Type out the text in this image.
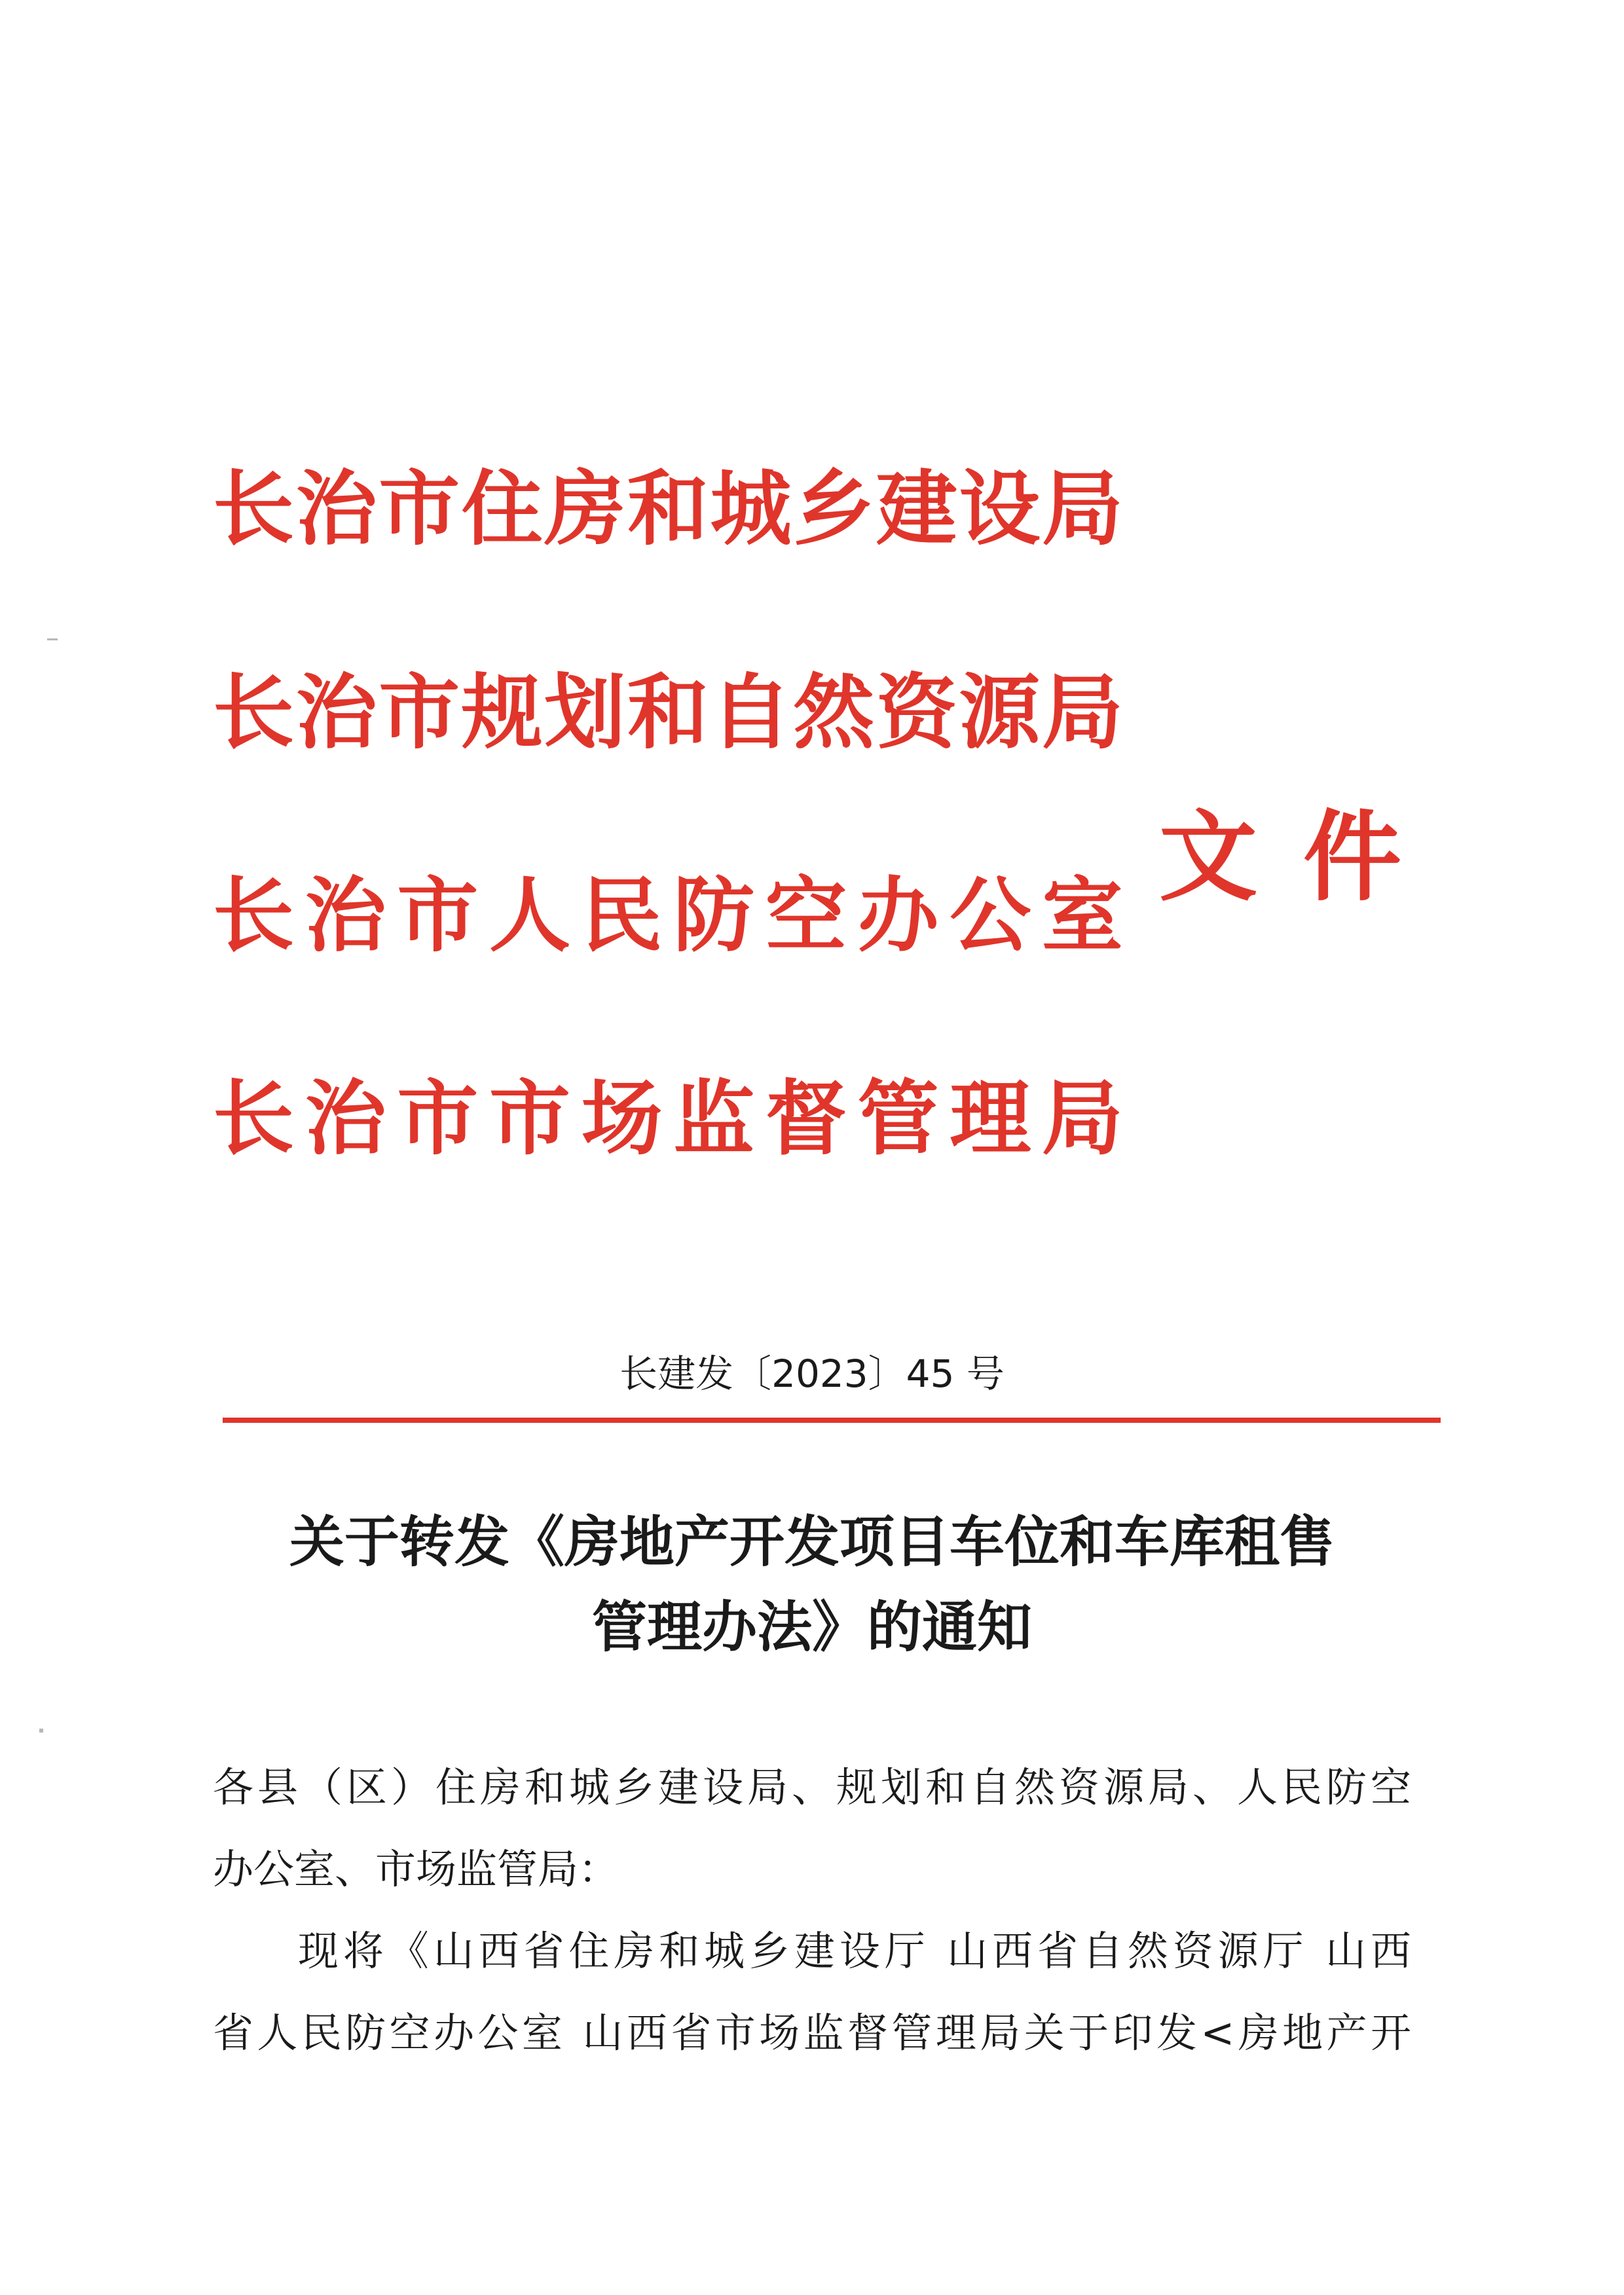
长 治 市 住 房 和 城 乡 建 设 局
长 治 市 规 划 和 自 然 资 源 局
长 治 市 人 民 防 空 办 公 室
长 治 市 市 场 监 督 管 理 局
文 件
长建发〔2023〕45 号
关于转发《房地产开发项目车位和车库租售
管理办法》的通知
各县（区）住房和城乡建设局、规划和自然资源局、人民防空
办公室、市场监管局：
现将《山西省住房和城乡建设厅 山西省自然资源厅 山西
省人民防空办公室 山西省市场监督管理局关于印发<房地产开
